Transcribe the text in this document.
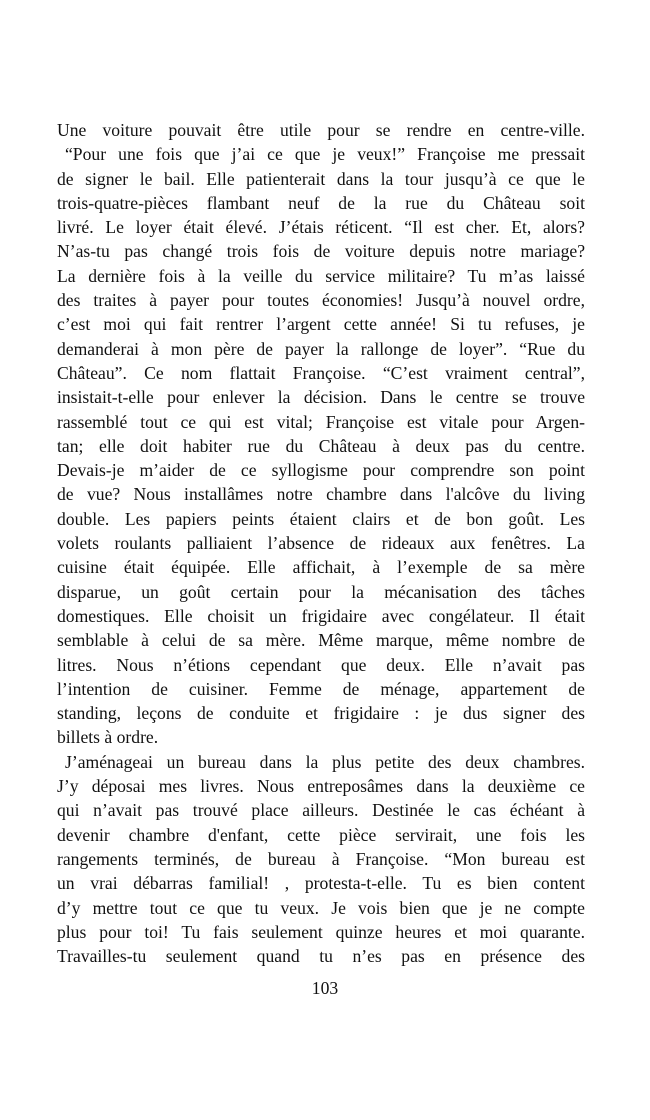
Une voiture pouvait être utile pour se rendre en centre-ville.
“Pour une fois que j’ai ce que je veux!” Françoise me pressait
de signer le bail. Elle patienterait dans la tour jusqu’à ce que le
trois-quatre-pièces flambant neuf de la rue du Château soit
livré. Le loyer était élevé. J’étais réticent. “Il est cher. Et, alors?
N’as-tu pas changé trois fois de voiture depuis notre mariage?
La dernière fois à la veille du service militaire? Tu m’as laissé
des traites à payer pour toutes économies! Jusqu’à nouvel ordre,
c’est moi qui fait rentrer l’argent cette année! Si tu refuses, je
demanderai à mon père de payer la rallonge de loyer”. “Rue du
Château”. Ce nom flattait Françoise. “C’est vraiment central”,
insistait-t-elle pour enlever la décision. Dans le centre se trouve
rassemblé tout ce qui est vital; Françoise est vitale pour Argen-
tan; elle doit habiter rue du Château à deux pas du centre.
Devais-je m’aider de ce syllogisme pour comprendre son point
de vue? Nous installâmes notre chambre dans l'alcôve du living
double. Les papiers peints étaient clairs et de bon goût. Les
volets roulants palliaient l’absence de rideaux aux fenêtres. La
cuisine était équipée. Elle affichait, à l’exemple de sa mère
disparue, un goût certain pour la mécanisation des tâches
domestiques. Elle choisit un frigidaire avec congélateur. Il était
semblable à celui de sa mère. Même marque, même nombre de
litres. Nous n’étions cependant que deux. Elle n’avait pas
l’intention de cuisiner. Femme de ménage, appartement de
standing, leçons de conduite et frigidaire : je dus signer des
billets à ordre.
J’aménageai un bureau dans la plus petite des deux chambres.
J’y déposai mes livres. Nous entreposâmes dans la deuxième ce
qui n’avait pas trouvé place ailleurs. Destinée le cas échéant à
devenir chambre d'enfant, cette pièce servirait, une fois les
rangements terminés, de bureau à Françoise. “Mon bureau est
un vrai débarras familial! , protesta-t-elle. Tu es bien content
d’y mettre tout ce que tu veux. Je vois bien que je ne compte
plus pour toi! Tu fais seulement quinze heures et moi quarante.
Travailles-tu seulement quand tu n’es pas en présence des
103
